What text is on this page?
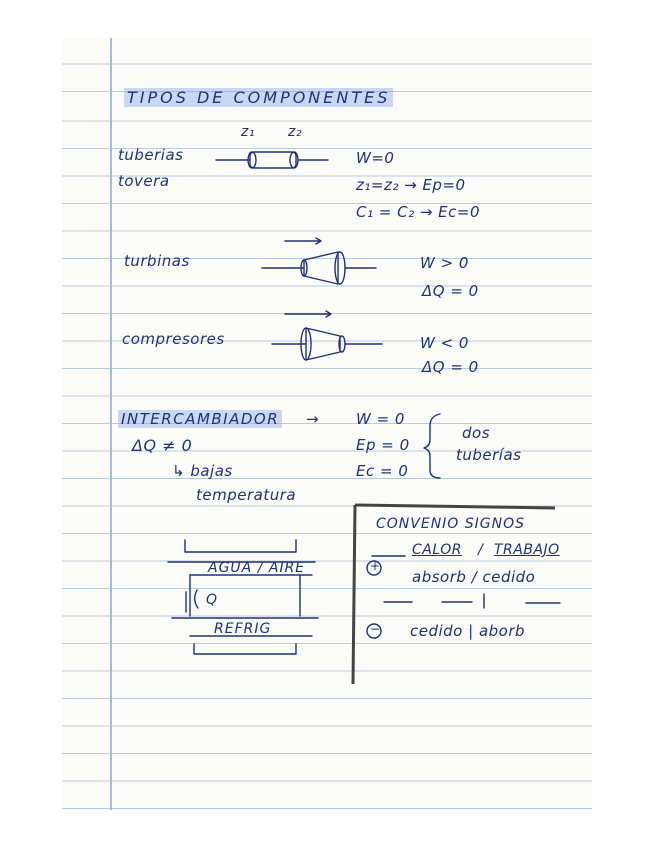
TIPOS DE COMPONENTES
z₁ z₂
tuberias
tovera
W=0
z₁=z₂ → Ep=0
C₁ = C₂ → Ec=0
turbinas	W > 0
ΔQ = 0
compresores	W < 0
ΔQ = 0
INTERCAMBIADOR →
ΔQ ≠ 0
↳ bajas
temperatura
W = 0
Ep = 0
Ec = 0
dos
tuberías
AGUA / AIRE
Q
REFRIG
CONVENIO SIGNOS
CALOR / TRABAJO
+
absorb / cedido
− cedido | aborb
